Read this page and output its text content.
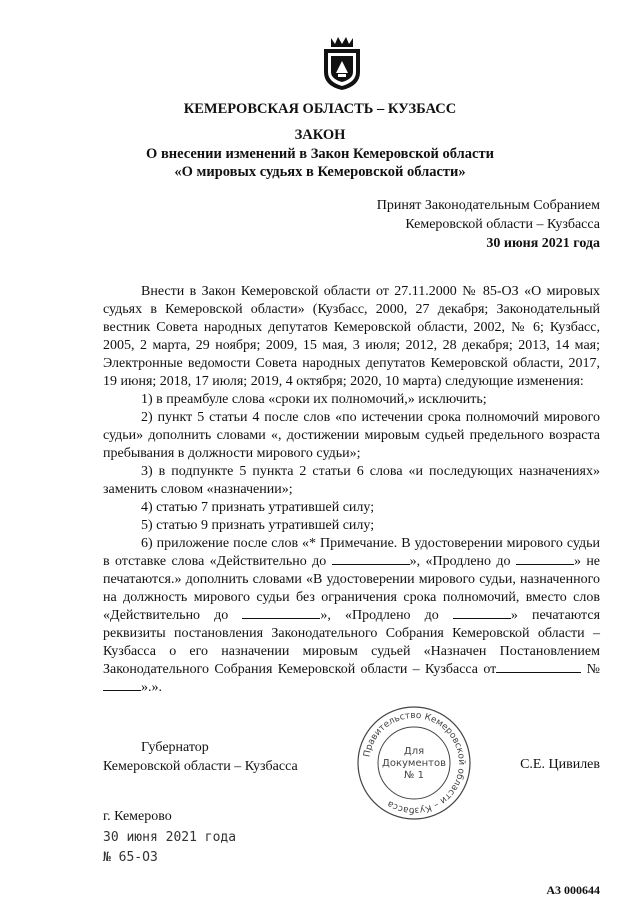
КЕМЕРОВСКАЯ ОБЛАСТЬ – КУЗБАСС
ЗАКОН
О внесении изменений в Закон Кемеровской области
«О мировых судьях в Кемеровской области»
Принят Законодательным Собранием
Кемеровской области – Кузбасса
30 июня 2021 года

Внести в Закон Кемеровской области от 27.11.2000 № 85-ОЗ «О мировых судьях в Кемеровской области» (Кузбасс, 2000, 27 декабря; Законодательный вестник Совета народных депутатов Кемеровской области, 2002, № 6; Кузбасс, 2005, 2 марта, 29 ноября; 2009, 15 мая, 3 июля; 2012, 28 декабря; 2013, 14 мая; Электронные ведомости Совета народных депутатов Кемеровской области, 2017, 19 июня; 2018, 17 июля; 2019, 4 октября; 2020, 10 марта) следующие изменения:

1) в преамбуле слова «сроки их полномочий,» исключить;

2) пункт 5 статьи 4 после слов «по истечении срока полномочий мирового судьи» дополнить словами «, достижении мировым судьей предельного возраста пребывания в должности мирового судьи»;

3) в подпункте 5 пункта 2 статьи 6 слова «и последующих назначениях» заменить словом «назначении»;

4) статью 7 признать утратившей силу;

5) статью 9 признать утратившей силу;

6) приложение после слов «* Примечание. В удостоверении мирового судьи в отставке слова «Действительно до	», «Продлено до	» не печатаются.» дополнить словами «В удостоверении мирового судьи, назначенного на должность мирового судьи без ограничения срока полномочий, вместо слов «Действительно до	», «Продлено до	» печатаются реквизиты постановления Законодательного Собрания Кемеровской области – Кузбасса о его назначении мировым судьей «Назначен Постановлением Законодательного Собрания Кемеровской области – Кузбасса от	№ ».».

Губернатор
Кемеровской области – Кузбасса
Правительство Кемеровской области – Кузбасса
Для
Документов
№ 1
С.Е. Цивилев
г. Кемерово
30 июня 2021 года
№ 65-ОЗ
А3 000644
